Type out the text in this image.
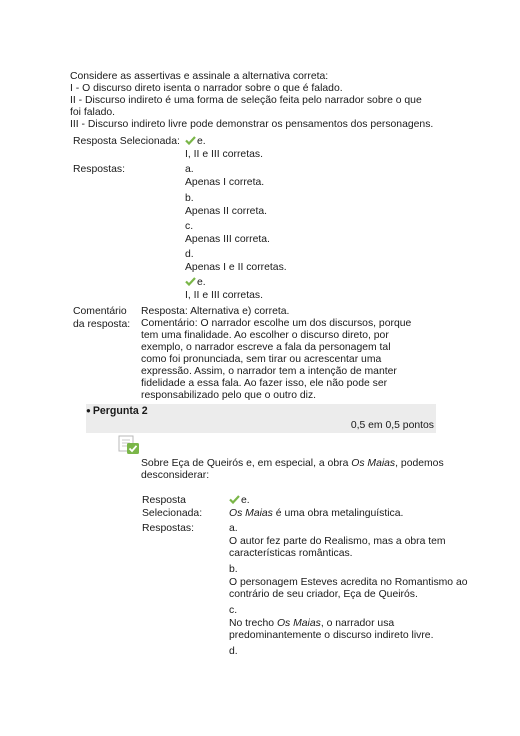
Considere as assertivas e assinale a alternativa correta:
I - O discurso direto isenta o narrador sobre o que é falado.
II - Discurso indireto é uma forma de seleção feita pelo narrador sobre o que
foi falado.
III - Discurso indireto livre pode demonstrar os pensamentos dos personagens.
Resposta Selecionada:	e.
I, II e III corretas.
Respostas:	a.
Apenas I correta.
b.
Apenas II correta.
c.
Apenas III correta.
d.
Apenas I e II corretas.
e.
I, II e III corretas.
Comentário
da resposta:
Resposta: Alternativa e) correta.
Comentário: O narrador escolhe um dos discursos, porque
tem uma finalidade. Ao escolher o discurso direto, por
exemplo, o narrador escreve a fala da personagem tal
como foi pronunciada, sem tirar ou acrescentar uma
expressão. Assim, o narrador tem a intenção de manter
fidelidade a essa fala. Ao fazer isso, ele não pode ser
responsabilizado pelo que o outro diz.
● Pergunta 2
0,5 em 0,5 pontos
Sobre Eça de Queirós e, em especial, a obra Os Maias, podemos
desconsiderar:
Resposta
Selecionada:
e.
Os Maias é uma obra metalinguística.
Respostas:	a.
O autor fez parte do Realismo, mas a obra tem
características românticas.
b.
O personagem Esteves acredita no Romantismo ao
contrário de seu criador, Eça de Queirós.
c.
No trecho Os Maias, o narrador usa
predominantemente o discurso indireto livre.
d.
